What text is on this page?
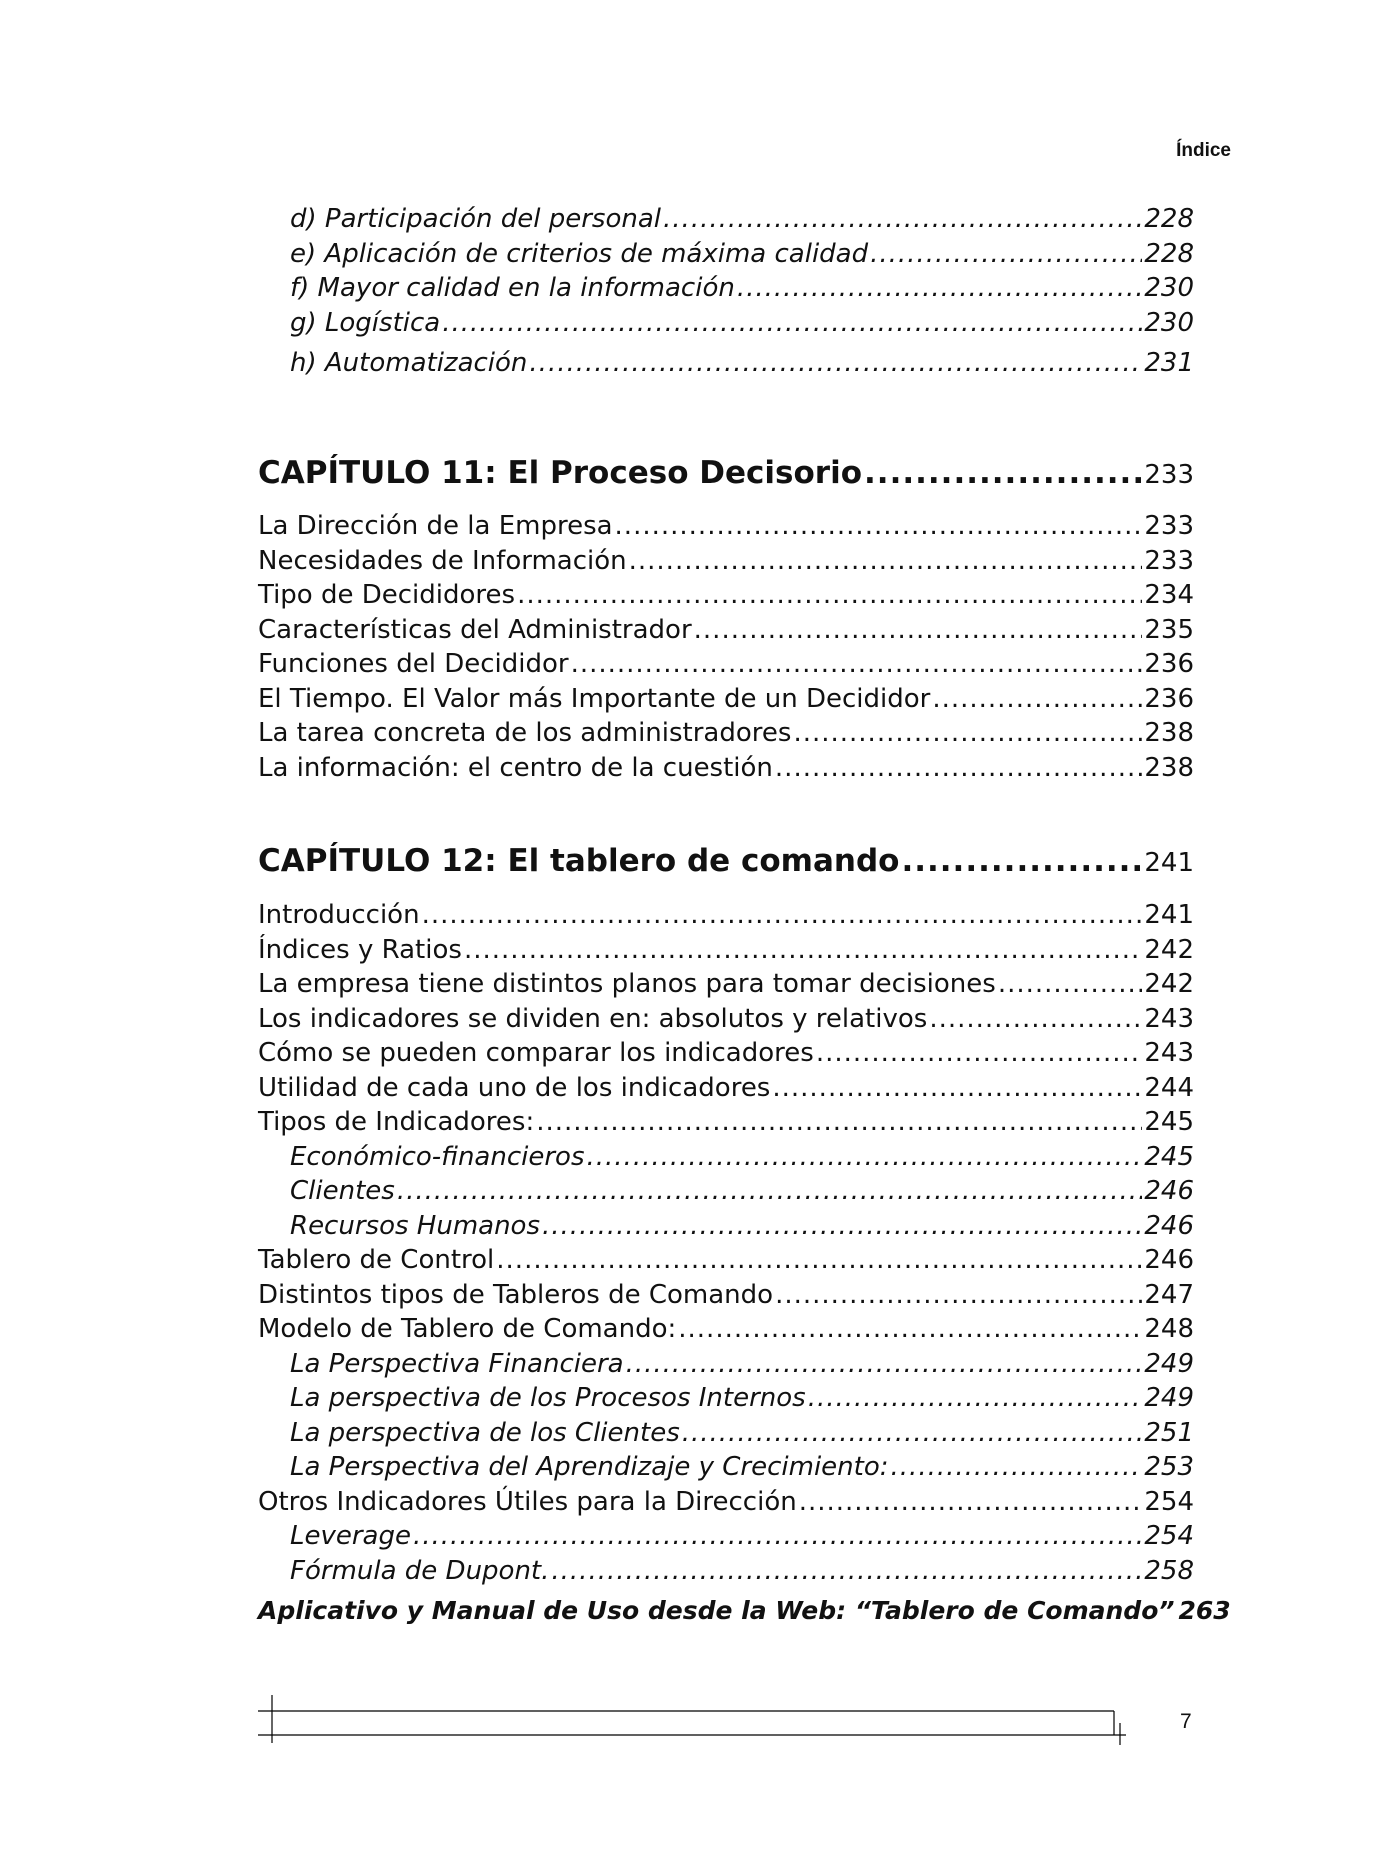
Índice
d) Participación del personal .....	228
e) Aplicación de criterios de máxima calidad .....	228
f) Mayor calidad en la información .....	230
g) Logística .....	230
h) Automatización .....	231
CAPÍTULO 11: El Proceso Decisorio .....	233
La Dirección de la Empresa .....	233
Necesidades de Información .....	233
Tipo de Decididores .....	234
Características del Administrador .....	235
Funciones del Decididor .....	236
El Tiempo. El Valor más Importante de un Decididor .....	236
La tarea concreta de los administradores .....	238
La información: el centro de la cuestión .....	238
CAPÍTULO 12: El tablero de comando .....	241
Introducción .....	241
Índices y Ratios .....	242
La empresa tiene distintos planos para tomar decisiones .....	242
Los indicadores se dividen en: absolutos y relativos .....	243
Cómo se pueden comparar los indicadores .....	243
Utilidad de cada uno de los indicadores .....	244
Tipos de Indicadores: .....	245
Económico-financieros .....	245
Clientes .....	246
Recursos Humanos .....	246
Tablero de Control .....	246
Distintos tipos de Tableros de Comando .....	247
Modelo de Tablero de Comando: .....	248
La Perspectiva Financiera .....	249
La perspectiva de los Procesos Internos .....	249
La perspectiva de los Clientes .....	251
La Perspectiva del Aprendizaje y Crecimiento: .....	253
Otros Indicadores Útiles para la Dirección .....	254
Leverage .....	254
Fórmula de Dupont. .....	258
Aplicativo y Manual de Uso desde la Web: “Tablero de Comando” 263
7
